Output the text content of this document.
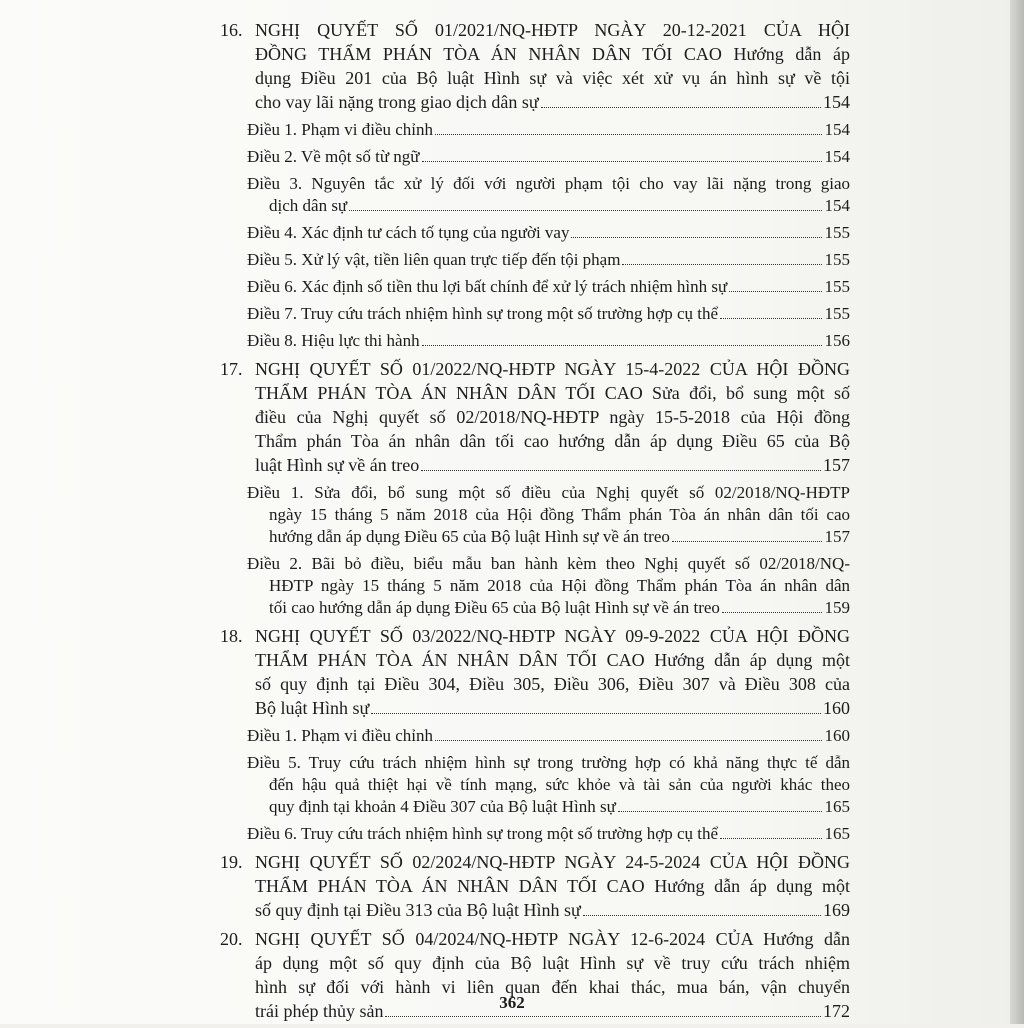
16. NGHỊ QUYẾT SỐ 01/2021/NQ-HĐTP NGÀY 20-12-2021 CỦA HỘI
ĐỒNG THẨM PHÁN TÒA ÁN NHÂN DÂN TỐI CAO Hướng dẫn áp
dụng Điều 201 của Bộ luật Hình sự và việc xét xử vụ án hình sự về tội
cho vay lãi nặng trong giao dịch dân sự	154
Điều 1. Phạm vi điều chỉnh	154
Điều 2. Về một số từ ngữ	154
Điều 3. Nguyên tắc xử lý đối với người phạm tội cho vay lãi nặng trong giao
dịch dân sự	154
Điều 4. Xác định tư cách tố tụng của người vay	155
Điều 5. Xử lý vật, tiền liên quan trực tiếp đến tội phạm	155
Điều 6. Xác định số tiền thu lợi bất chính để xử lý trách nhiệm hình sự	155
Điều 7. Truy cứu trách nhiệm hình sự trong một số trường hợp cụ thể	155
Điều 8. Hiệu lực thi hành	156
17. NGHỊ QUYẾT SỐ 01/2022/NQ-HĐTP NGÀY 15-4-2022 CỦA HỘI ĐỒNG
THẨM PHÁN TÒA ÁN NHÂN DÂN TỐI CAO Sửa đổi, bổ sung một số
điều của Nghị quyết số 02/2018/NQ-HĐTP ngày 15-5-2018 của Hội đồng
Thẩm phán Tòa án nhân dân tối cao hướng dẫn áp dụng Điều 65 của Bộ
luật Hình sự về án treo	157
Điều 1. Sửa đổi, bổ sung một số điều của Nghị quyết số 02/2018/NQ-HĐTP
ngày 15 tháng 5 năm 2018 của Hội đồng Thẩm phán Tòa án nhân dân tối cao
hướng dẫn áp dụng Điều 65 của Bộ luật Hình sự về án treo	157
Điều 2. Bãi bỏ điều, biểu mẫu ban hành kèm theo Nghị quyết số 02/2018/NQ-
HĐTP ngày 15 tháng 5 năm 2018 của Hội đồng Thẩm phán Tòa án nhân dân
tối cao hướng dẫn áp dụng Điều 65 của Bộ luật Hình sự về án treo	159
18. NGHỊ QUYẾT SỐ 03/2022/NQ-HĐTP NGÀY 09-9-2022 CỦA HỘI ĐỒNG
THẨM PHÁN TÒA ÁN NHÂN DÂN TỐI CAO Hướng dẫn áp dụng một
số quy định tại Điều 304, Điều 305, Điều 306, Điều 307 và Điều 308 của
Bộ luật Hình sự	160
Điều 1. Phạm vi điều chỉnh	160
Điều 5. Truy cứu trách nhiệm hình sự trong trường hợp có khả năng thực tế dẫn
đến hậu quả thiệt hại về tính mạng, sức khỏe và tài sản của người khác theo
quy định tại khoản 4 Điều 307 của Bộ luật Hình sự	165
Điều 6. Truy cứu trách nhiệm hình sự trong một số trường hợp cụ thể	165
19. NGHỊ QUYẾT SỐ 02/2024/NQ-HĐTP NGÀY 24-5-2024 CỦA HỘI ĐỒNG
THẨM PHÁN TÒA ÁN NHÂN DÂN TỐI CAO Hướng dẫn áp dụng một
số quy định tại Điều 313 của Bộ luật Hình sự	169
20. NGHỊ QUYẾT SỐ 04/2024/NQ-HĐTP NGÀY 12-6-2024 CỦA Hướng dẫn
áp dụng một số quy định của Bộ luật Hình sự về truy cứu trách nhiệm
hình sự đối với hành vi liên quan đến khai thác, mua bán, vận chuyển
trái phép thủy sản	172
362
